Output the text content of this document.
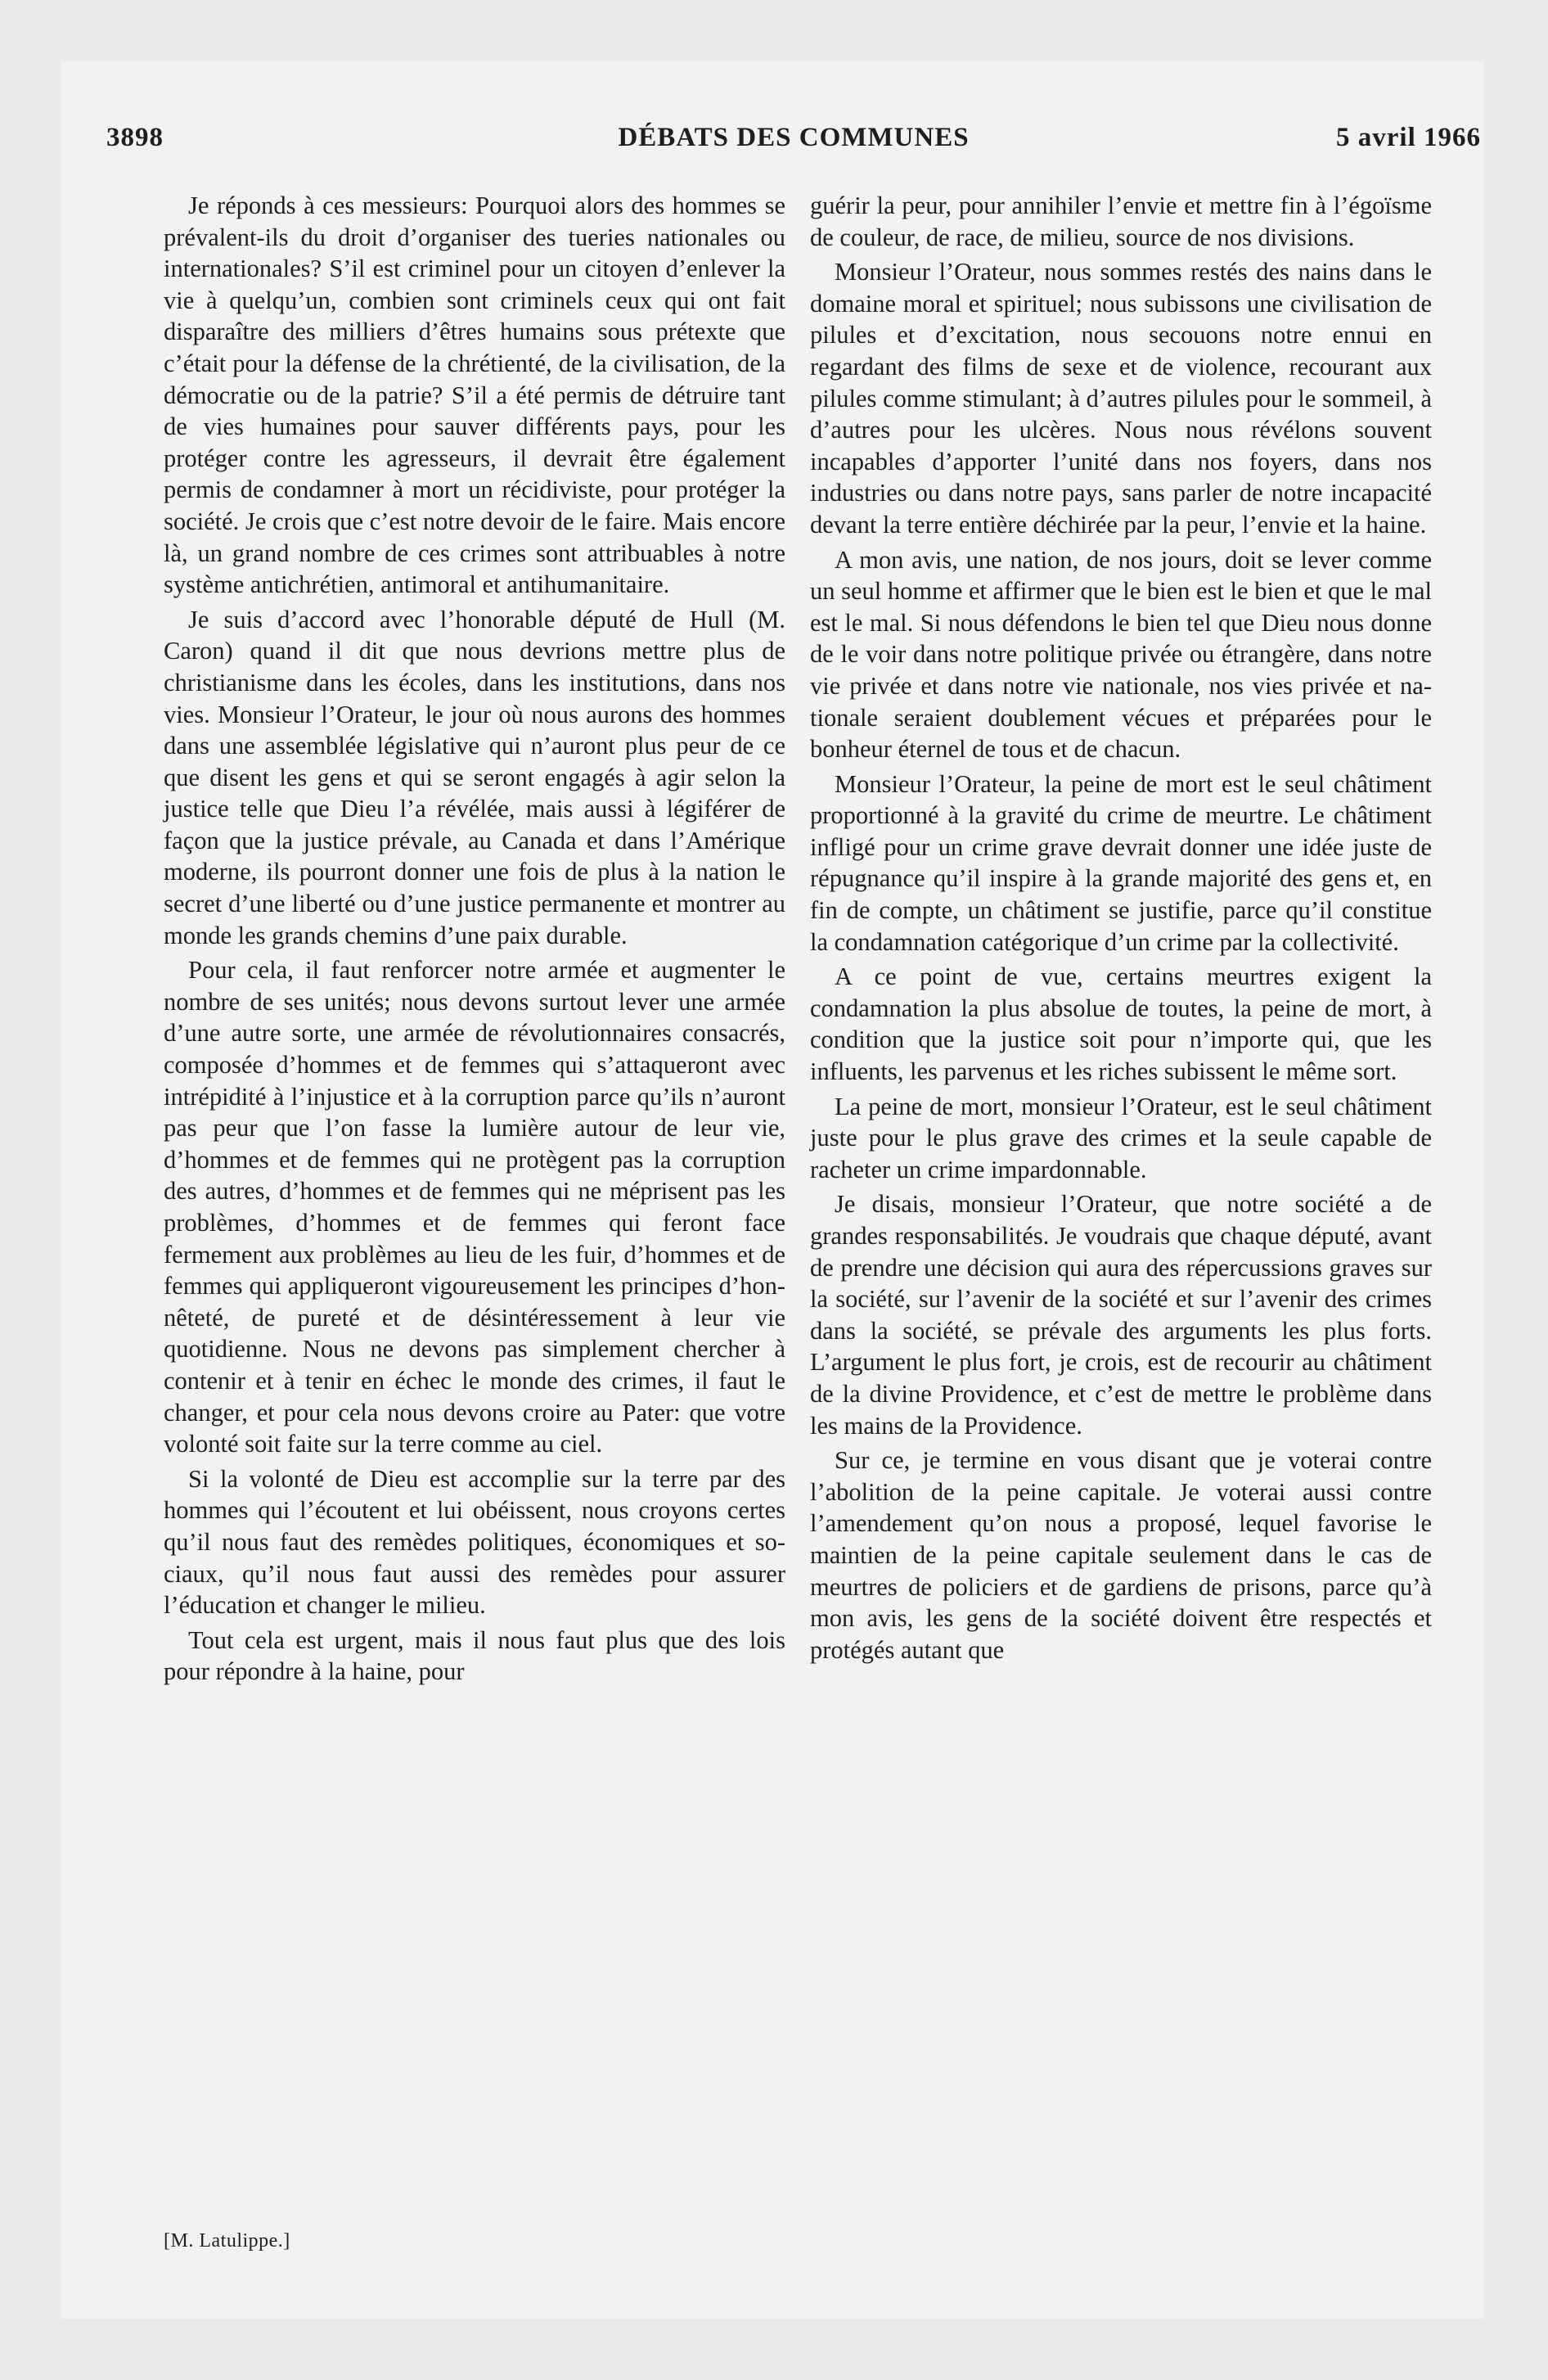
3898	DÉBATS DES COMMUNES	5 avril 1966

Je réponds à ces messieurs: Pourquoi alors des hommes se prévalent-ils du droit d’organiser des tueries nationales ou internationales? S’il est criminel pour un citoyen d’enlever la vie à quelqu’un, combien sont criminels ceux qui ont fait disparaître des milliers d’êtres humains sous prétexte que c’était pour la défense de la chrétienté, de la civilisation, de la démocratie ou de la patrie? S’il a été permis de détruire tant de vies humaines pour sauver différents pays, pour les protéger contre les agresseurs, il devrait être également permis de condamner à mort un récidiviste, pour protéger la société. Je crois que c’est notre devoir de le faire. Mais encore là, un grand nombre de ces crimes sont attribuables à notre système antichrétien, antimoral et antihumanitaire.

Je suis d’accord avec l’honorable député de Hull (M. Caron) quand il dit que nous devrions mettre plus de christianisme dans les écoles, dans les institutions, dans nos vies. Monsieur l’Orateur, le jour où nous aurons des hommes dans une assemblée législative qui n’auront plus peur de ce que disent les gens et qui se seront engagés à agir selon la justice telle que Dieu l’a révélée, mais aussi à légiférer de façon que la justice prévale, au Canada et dans l’Amérique moderne, ils pourront donner une fois de plus à la nation le secret d’une liberté ou d’une justice permanente et montrer au monde les grands chemins d’une paix durable.

Pour cela, il faut renforcer notre armée et augmenter le nombre de ses unités; nous devons surtout lever une armée d’une autre sorte, une armée de révolutionnaires consacrés, composée d’hommes et de femmes qui s’attaqueront avec intrépidité à l’injustice et à la corruption parce qu’ils n’auront pas peur que l’on fasse la lumière autour de leur vie, d’hommes et de femmes qui ne protègent pas la corruption des autres, d’hommes et de femmes qui ne méprisent pas les problèmes, d’hommes et de femmes qui feront face fermement aux problèmes au lieu de les fuir, d’hommes et de femmes qui appliqueront vigoureusement les principes d’honnêteté, de pureté et de désintéressement à leur vie quotidienne. Nous ne devons pas simplement chercher à contenir et à tenir en échec le monde des crimes, il faut le changer, et pour cela nous devons croire au Pater: que votre volonté soit faite sur la terre comme au ciel.

Si la volonté de Dieu est accomplie sur la terre par des hommes qui l’écoutent et lui obéissent, nous croyons certes qu’il nous faut des remèdes politiques, économiques et sociaux, qu’il nous faut aussi des remèdes pour assurer l’éducation et changer le milieu.

Tout cela est urgent, mais il nous faut plus que des lois pour répondre à la haine, pour

guérir la peur, pour annihiler l’envie et mettre fin à l’égoïsme de couleur, de race, de milieu, source de nos divisions.

Monsieur l’Orateur, nous sommes restés des nains dans le domaine moral et spirituel; nous subissons une civilisation de pilules et d’excitation, nous secouons notre ennui en regardant des films de sexe et de violence, recourant aux pilules comme stimulant; à d’autres pilules pour le sommeil, à d’autres pour les ulcères. Nous nous révélons souvent incapables d’apporter l’unité dans nos foyers, dans nos industries ou dans notre pays, sans parler de notre incapacité devant la terre entière déchirée par la peur, l’envie et la haine.

A mon avis, une nation, de nos jours, doit se lever comme un seul homme et affirmer que le bien est le bien et que le mal est le mal. Si nous défendons le bien tel que Dieu nous donne de le voir dans notre politique privée ou étrangère, dans notre vie privée et dans notre vie nationale, nos vies privée et nationale seraient doublement vécues et préparées pour le bonheur éternel de tous et de chacun.

Monsieur l’Orateur, la peine de mort est le seul châtiment proportionné à la gravité du crime de meurtre. Le châtiment infligé pour un crime grave devrait donner une idée juste de répugnance qu’il inspire à la grande majorité des gens et, en fin de compte, un châtiment se justifie, parce qu’il constitue la condamnation catégorique d’un crime par la collectivité.

A ce point de vue, certains meurtres exigent la condamnation la plus absolue de toutes, la peine de mort, à condition que la justice soit pour n’importe qui, que les influents, les parvenus et les riches subissent le même sort.

La peine de mort, monsieur l’Orateur, est le seul châtiment juste pour le plus grave des crimes et la seule capable de racheter un crime impardonnable.

Je disais, monsieur l’Orateur, que notre société a de grandes responsabilités. Je voudrais que chaque député, avant de prendre une décision qui aura des répercussions graves sur la société, sur l’avenir de la société et sur l’avenir des crimes dans la société, se prévale des arguments les plus forts. L’argument le plus fort, je crois, est de recourir au châtiment de la divine Providence, et c’est de mettre le problème dans les mains de la Providence.

Sur ce, je termine en vous disant que je voterai contre l’abolition de la peine capitale. Je voterai aussi contre l’amendement qu’on nous a proposé, lequel favorise le maintien de la peine capitale seulement dans le cas de meurtres de policiers et de gardiens de prisons, parce qu’à mon avis, les gens de la société doivent être respectés et protégés autant que

[M. Latulippe.]
